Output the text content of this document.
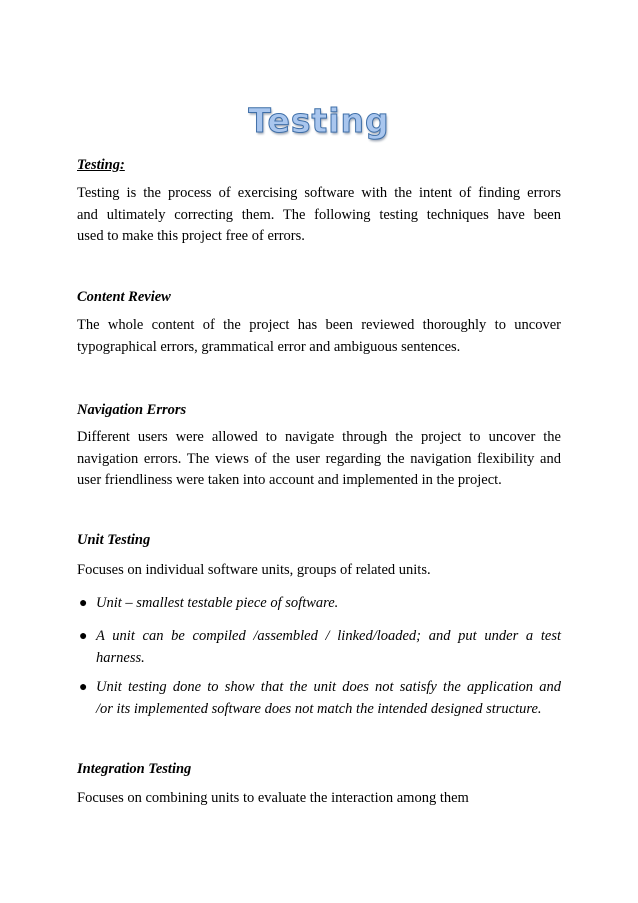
Testing
Testing:
Testing is the process of exercising software with the intent of finding errors
and ultimately correcting them. The following testing techniques have been
used to make this project free of errors.
Content Review
The whole content of the project has been reviewed thoroughly to uncover
typographical errors, grammatical error and ambiguous sentences.
Navigation Errors
Different users were allowed to navigate through the project to uncover the
navigation errors. The views of the user regarding the navigation flexibility and
user friendliness were taken into account and implemented in the project.
Unit Testing
Focuses on individual software units, groups of related units.
● Unit – smallest testable piece of software.
● A unit can be compiled /assembled / linked/loaded; and put under a test
harness.
● Unit testing done to show that the unit does not satisfy the application and
/or its implemented software does not match the intended designed structure.
Integration Testing
Focuses on combining units to evaluate the interaction among them
